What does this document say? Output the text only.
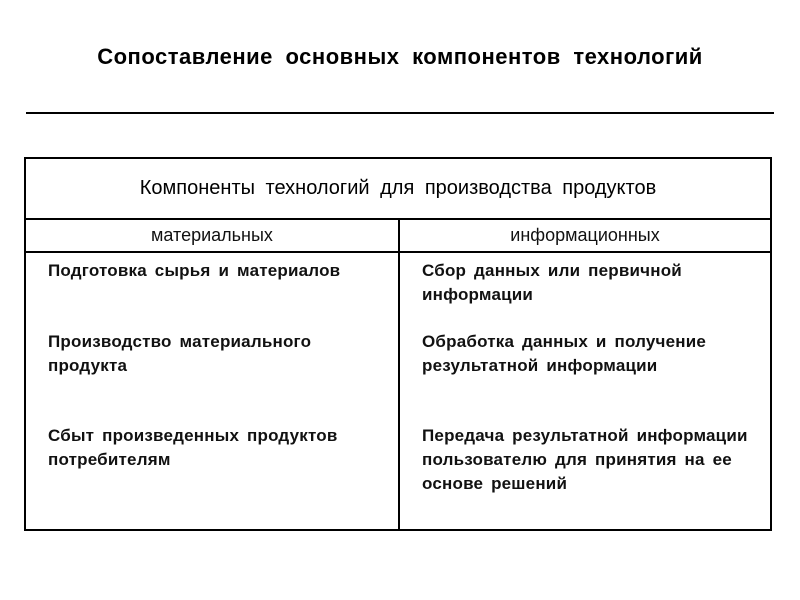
Сопоставление основных компонентов технологий
Компоненты технологий для производства продуктов
материальных	информационных
Подготовка сырья и материалов	Сбор данных или первичной информации
Производство материального продукта
Обработка данных и получение результатной информации
Сбыт произведенных продуктов потребителям
Передача результатной информации пользователю для принятия на ее основе решений
